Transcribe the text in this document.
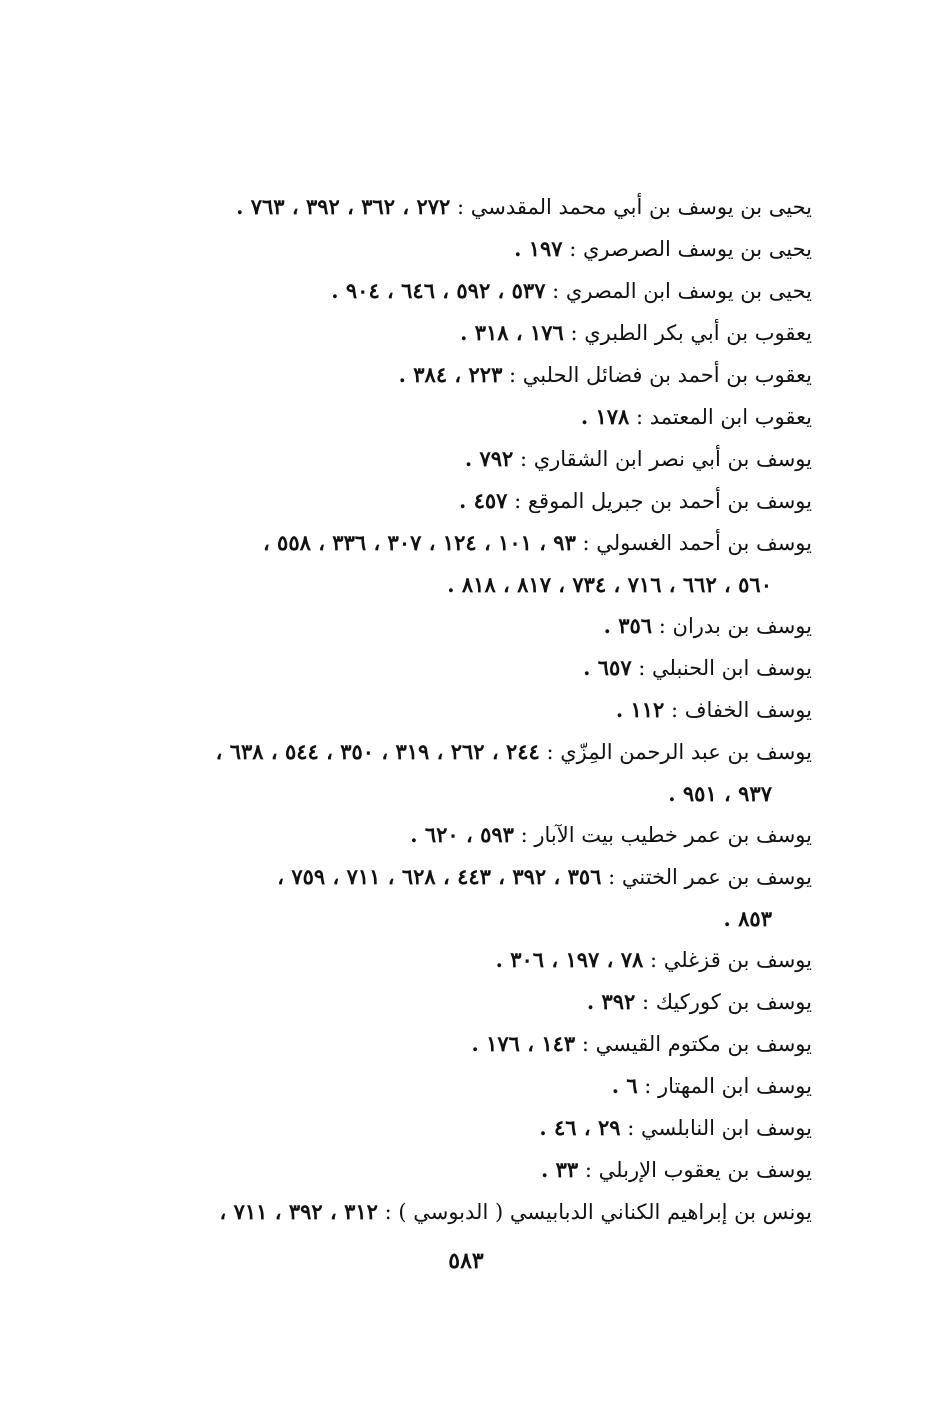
يحيى بن يوسف بن أبي محمد المقدسي : ٢٧٢ ، ٣٦٢ ، ٣٩٢ ، ٧٦٣ .
يحيى بن يوسف الصرصري : ١٩٧ .
يحيى بن يوسف ابن المصري : ٥٣٧ ، ٥٩٢ ، ٦٤٦ ، ٩٠٤ .
يعقوب بن أبي بكر الطبري : ١٧٦ ، ٣١٨ .
يعقوب بن أحمد بن فضائل الحلبي : ٢٢٣ ، ٣٨٤ .
يعقوب ابن المعتمد : ١٧٨ .
يوسف بن أبي نصر ابن الشقاري : ٧٩٢ .
يوسف بن أحمد بن جبريل الموقع : ٤٥٧ .
يوسف بن أحمد الغسولي : ٩٣ ، ١٠١ ، ١٢٤ ، ٣٠٧ ، ٣٣٦ ، ٥٥٨ ،
٥٦٠ ، ٦٦٢ ، ٧١٦ ، ٧٣٤ ، ٨١٧ ، ٨١٨ .
يوسف بن بدران : ٣٥٦ .
يوسف ابن الحنبلي : ٦٥٧ .
يوسف الخفاف : ١١٢ .
يوسف بن عبد الرحمن المِزّي : ٢٤٤ ، ٢٦٢ ، ٣١٩ ، ٣٥٠ ، ٥٤٤ ، ٦٣٨ ،
٩٣٧ ، ٩٥١ .
يوسف بن عمر خطيب بيت الآبار : ٥٩٣ ، ٦٢٠ .
يوسف بن عمر الختني : ٣٥٦ ، ٣٩٢ ، ٤٤٣ ، ٦٢٨ ، ٧١١ ، ٧٥٩ ،
٨٥٣ .
يوسف بن قزغلي : ٧٨ ، ١٩٧ ، ٣٠٦ .
يوسف بن كوركيك : ٣٩٢ .
يوسف بن مكتوم القيسي : ١٤٣ ، ١٧٦ .
يوسف ابن المهتار : ٦ .
يوسف ابن النابلسي : ٢٩ ، ٤٦ .
يوسف بن يعقوب الإربلي : ٣٣ .
يونس بن إبراهيم الكناني الدبابيسي ( الدبوسي ) : ٣١٢ ، ٣٩٢ ، ٧١١ ،
٥٨٣
